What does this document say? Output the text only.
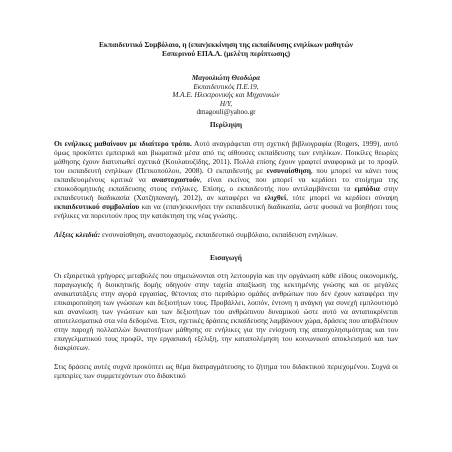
Εκπαιδευτικό Συμβόλαιο, η (επαν)εκκίνηση της εκπαίδευσης ενηλίκων μαθητών
Εσπερινού ΕΠΑ.Λ. (μελέτη περίπτωσης)

Μαγουλιώτη Θεοδώρα
Εκπαιδευτικός Π.Ε.19,
Μ.Α.Ε. Ηλεκτρονικής και Μηχανικών
Η/Υ,
dmagouli@yahoo.gr

Περίληψη

Οι ενήλικες μαθαίνουν με ιδιαίτερο τρόπο. Αυτό αναγράφεται στη σχετική βιβλιογραφία (Rogers, 1999), αυτό όμως προκύπτει εμπειρικά και βιωματικά μέσα από τις αίθουσες εκπαίδευσης των ενηλίκων. Ποικίλες θεωρίες μάθησης έχουν διατυπωθεί σχετικά (Κουλαουζίδης, 2011). Πολλά επίσης έχουν γραφτεί αναφορικά με το προφίλ του εκπαιδευτή ενηλίκων (Πετκοπούλου, 2008). Ο εκπαιδευτής με ενσυναίσθηση, που μπορεί να κάνει τους εκπαιδευομένους κριτικά να αναστοχαστούν, είναι εκείνος που μπορεί να κερδίσει το στοίχημα της εποικοδομητικής εκπαίδευσης στους ενήλικες. Επίσης, ο εκπαιδευτής που αντιλαμβάνεται τα εμπόδια στην εκπαιδευτική διαδικασία (Χατζηπαναγή, 2012), αν καταφέρει να ελιχθεί, τότε μπορεί να κερδίσει σύναψη εκπαιδευτικού συμβολαίου και να (επαν)εκκινήσει την εκπαιδευτική διαδικασία, ώστε φυσικά να βοηθήσει τους ενήλικες να πορευτούν προς την κατάκτηση της νέας γνώσης.

Λέξεις κλειδιά: ενσυναίσθηση, αναστοχασμός, εκπαιδευτικό συμβόλαιο, εκπαίδευση ενηλίκων.

Εισαγωγή

Οι εξαιρετικά γρήγορες μεταβολές που σημειώνονται στη λειτουργία και την οργάνωση κάθε είδους οικονομικής, παραγωγικής ή διοικητικής δομής οδηγούν στην ταχεία απαξίωση της κεκτημένης γνώσης και σε μεγάλες ανακατατάξεις στην αγορά εργασίας, θέτοντας στο περιθώριο ομάδες ανθρώπων που δεν έχουν καταφέρει την επικαιροποίηση των γνώσεων και δεξιοτήτων τους. Προβάλλει, λοιπόν, έντονη η ανάγκη για συνεχή εμπλουτισμό και ανανέωση των γνώσεων και των δεξιοτήτων του ανθρώπινου δυναμικού ώστε αυτό να ανταποκρίνεται αποτελεσματικά στα νέα δεδομένα. Έτσι, σχετικές δράσεις εκπαίδευσης λαμβάνουν χώρα, δράσεις που αποβλέπουν στην παροχή πολλαπλών δυνατοτήτων μάθησης σε ενήλικες για την ενίσχυση της απασχολησιμότητας και του επαγγελματικού τους προφίλ, την εργασιακή εξέλιξη, την καταπολέμηση του κοινωνικού αποκλεισμού και των διακρίσεων.

Στις δράσεις αυτές συχνά προκύπτει ως θέμα διαπραγμάτευσης το ζήτημα του διδακτικού περιεχομένου. Συχνά οι εμπειρίες των συμμετεχόντων στο διδακτικό
